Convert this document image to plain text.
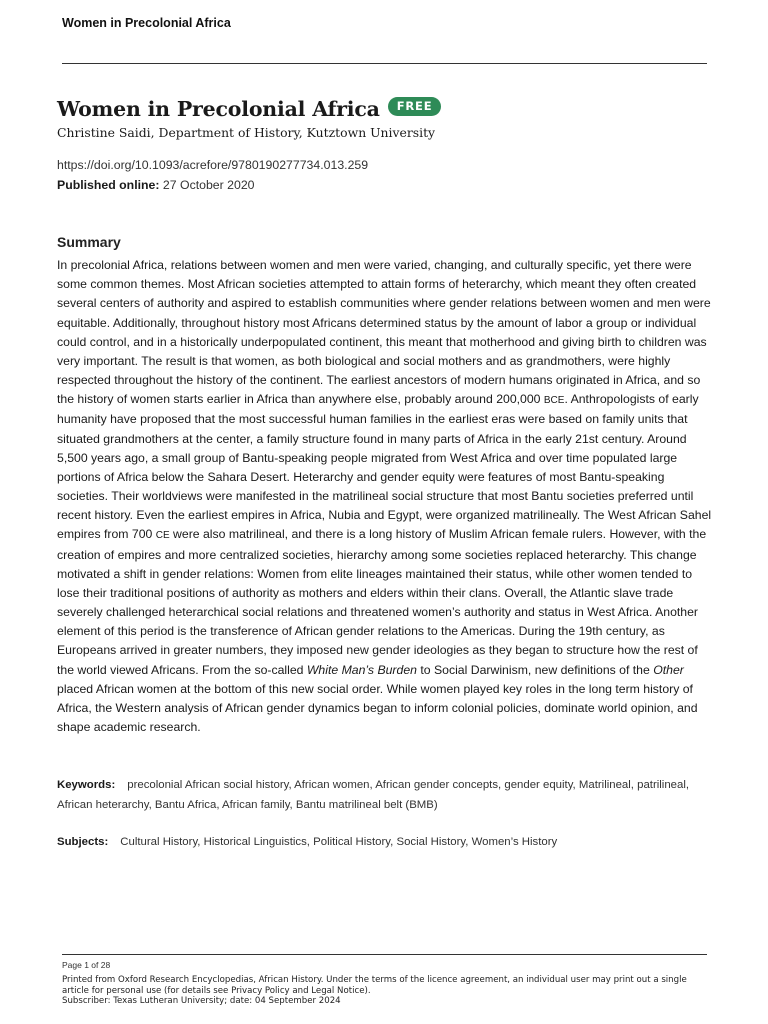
Women in Precolonial Africa
Women in Precolonial Africa	FREE
Christine Saidi, Department of History, Kutztown University
https://doi.org/10.1093/acrefore/9780190277734.013.259
Published online: 27 October 2020
Summary
In precolonial Africa, relations between women and men were varied, changing, and culturally specific, yet there were some common themes. Most African societies attempted to attain forms of heterarchy, which meant they often created several centers of authority and aspired to establish communities where gender relations between women and men were equitable. Additionally, throughout history most Africans determined status by the amount of labor a group or individual could control, and in a historically underpopulated continent, this meant that motherhood and giving birth to children was very important. The result is that women, as both biological and social mothers and as grandmothers, were highly respected throughout the history of the continent. The earliest ancestors of modern humans originated in Africa, and so the history of women starts earlier in Africa than anywhere else, probably around 200,000 BCE. Anthropologists of early humanity have proposed that the most successful human families in the earliest eras were based on family units that situated grandmothers at the center, a family structure found in many parts of Africa in the early 21st century. Around 5,500 years ago, a small group of Bantu-speaking people migrated from West Africa and over time populated large portions of Africa below the Sahara Desert. Heterarchy and gender equity were features of most Bantu-speaking societies. Their worldviews were manifested in the matrilineal social structure that most Bantu societies preferred until recent history. Even the earliest empires in Africa, Nubia and Egypt, were organized matrilineally. The West African Sahel empires from 700 CE were also matrilineal, and there is a long history of Muslim African female rulers. However, with the creation of empires and more centralized societies, hierarchy among some societies replaced heterarchy. This change motivated a shift in gender relations: Women from elite lineages maintained their status, while other women tended to lose their traditional positions of authority as mothers and elders within their clans. Overall, the Atlantic slave trade severely challenged heterarchical social relations and threatened women’s authority and status in West Africa. Another element of this period is the transference of African gender relations to the Americas. During the 19th century, as Europeans arrived in greater numbers, they imposed new gender ideologies as they began to structure how the rest of the world viewed Africans. From the so-called White Man’s Burden to Social Darwinism, new definitions of the Other placed African women at the bottom of this new social order. While women played key roles in the long term history of Africa, the Western analysis of African gender dynamics began to inform colonial policies, dominate world opinion, and shape academic research.
Keywords: precolonial African social history, African women, African gender concepts, gender equity, Matrilineal, patrilineal, African heterarchy, Bantu Africa, African family, Bantu matrilineal belt (BMB)
Subjects: Cultural History, Historical Linguistics, Political History, Social History, Women’s History
Page 1 of 28
Printed from Oxford Research Encyclopedias, African History. Under the terms of the licence agreement, an individual user may print out a single article for personal use (for details see Privacy Policy and Legal Notice).
Subscriber: Texas Lutheran University; date: 04 September 2024
